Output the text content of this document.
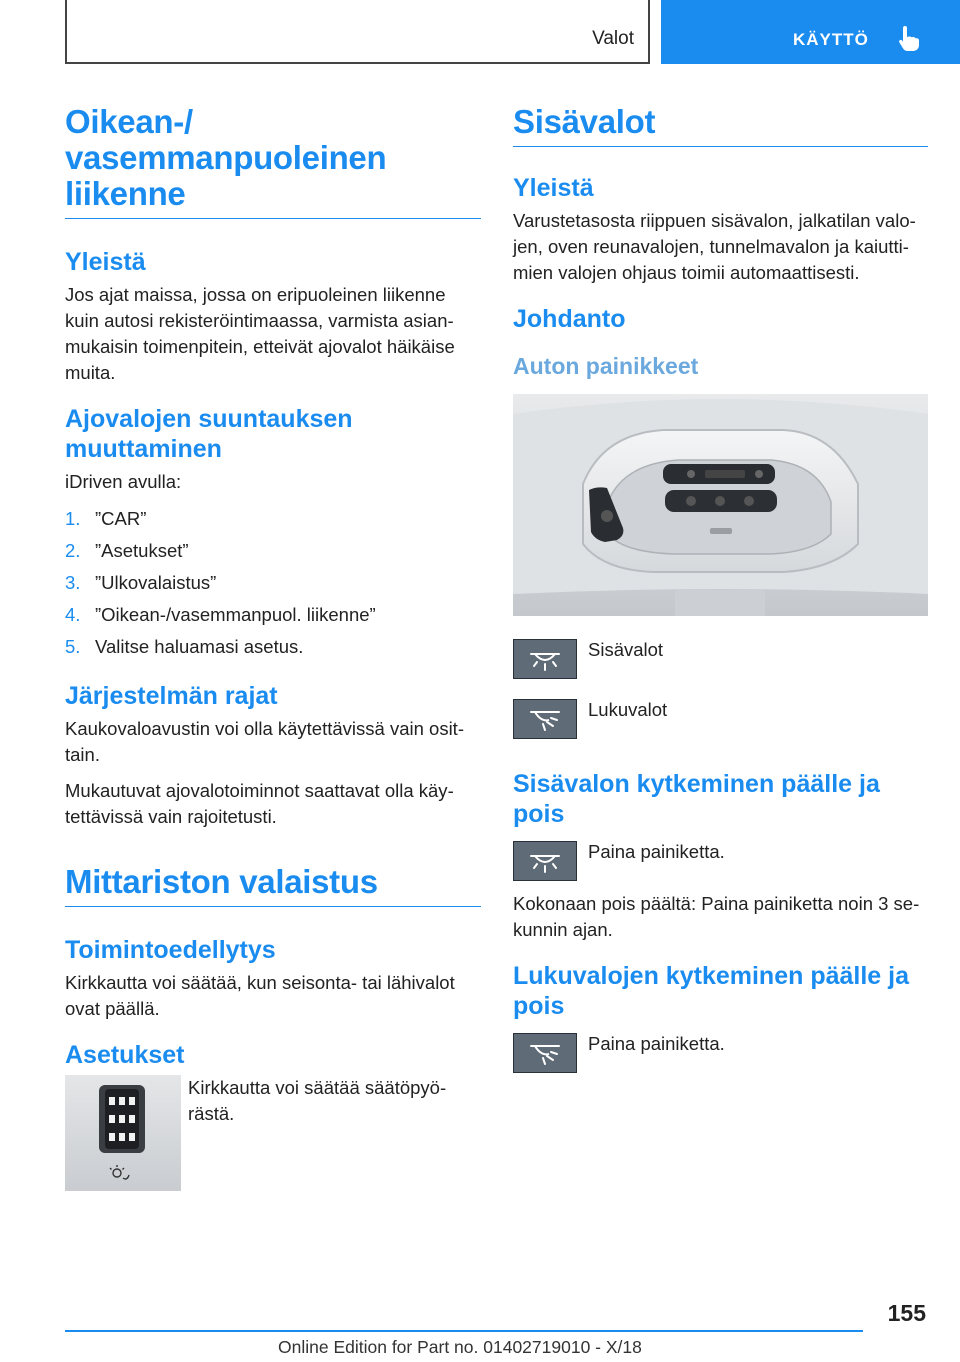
Valot	KÄYTTÖ
Oikean-/ vasemmanpuoleinen liikenne
Yleistä

Jos ajat maissa, jossa on eripuoleinen liikenne kuin autosi rekisteröintimaassa, varmista asianmukaisin toimenpitein, etteivät ajovalot häikäise muita.

Ajovalojen suuntauksen muuttaminen

iDriven avulla:

1. ”CAR”
2. ”Asetukset”
3. ”Ulkovalaistus”
4. ”Oikean-/vasemmanpuol. liikenne”
5. Valitse haluamasi asetus.
Järjestelmän rajat

Kaukovaloavustin voi olla käytettävissä vain osittain.

Mukautuvat ajovalotoiminnot saattavat olla käytettävissä vain rajoitetusti.

Mittariston valaistus
Toimintoedellytys

Kirkkautta voi säätää, kun seisonta- tai lähivalot ovat päällä.

Asetukset

Kirkkautta voi säätää säätöpyörästä.

Sisävalot
Yleistä

Varustetasosta riippuen sisävalon, jalkatilan valojen, oven reunavalojen, tunnelmavalon ja kaiuttimien valojen ohjaus toimii automaattisesti.

Johdanto
Auton painikkeet

Sisävalot

Lukuvalot

Sisävalon kytkeminen päälle ja pois

Paina painiketta.

Kokonaan pois päältä: Paina painiketta noin 3 sekunnin ajan.

Lukuvalojen kytkeminen päälle ja pois

Paina painiketta.

155
Online Edition for Part no. 01402719010 - X/18
